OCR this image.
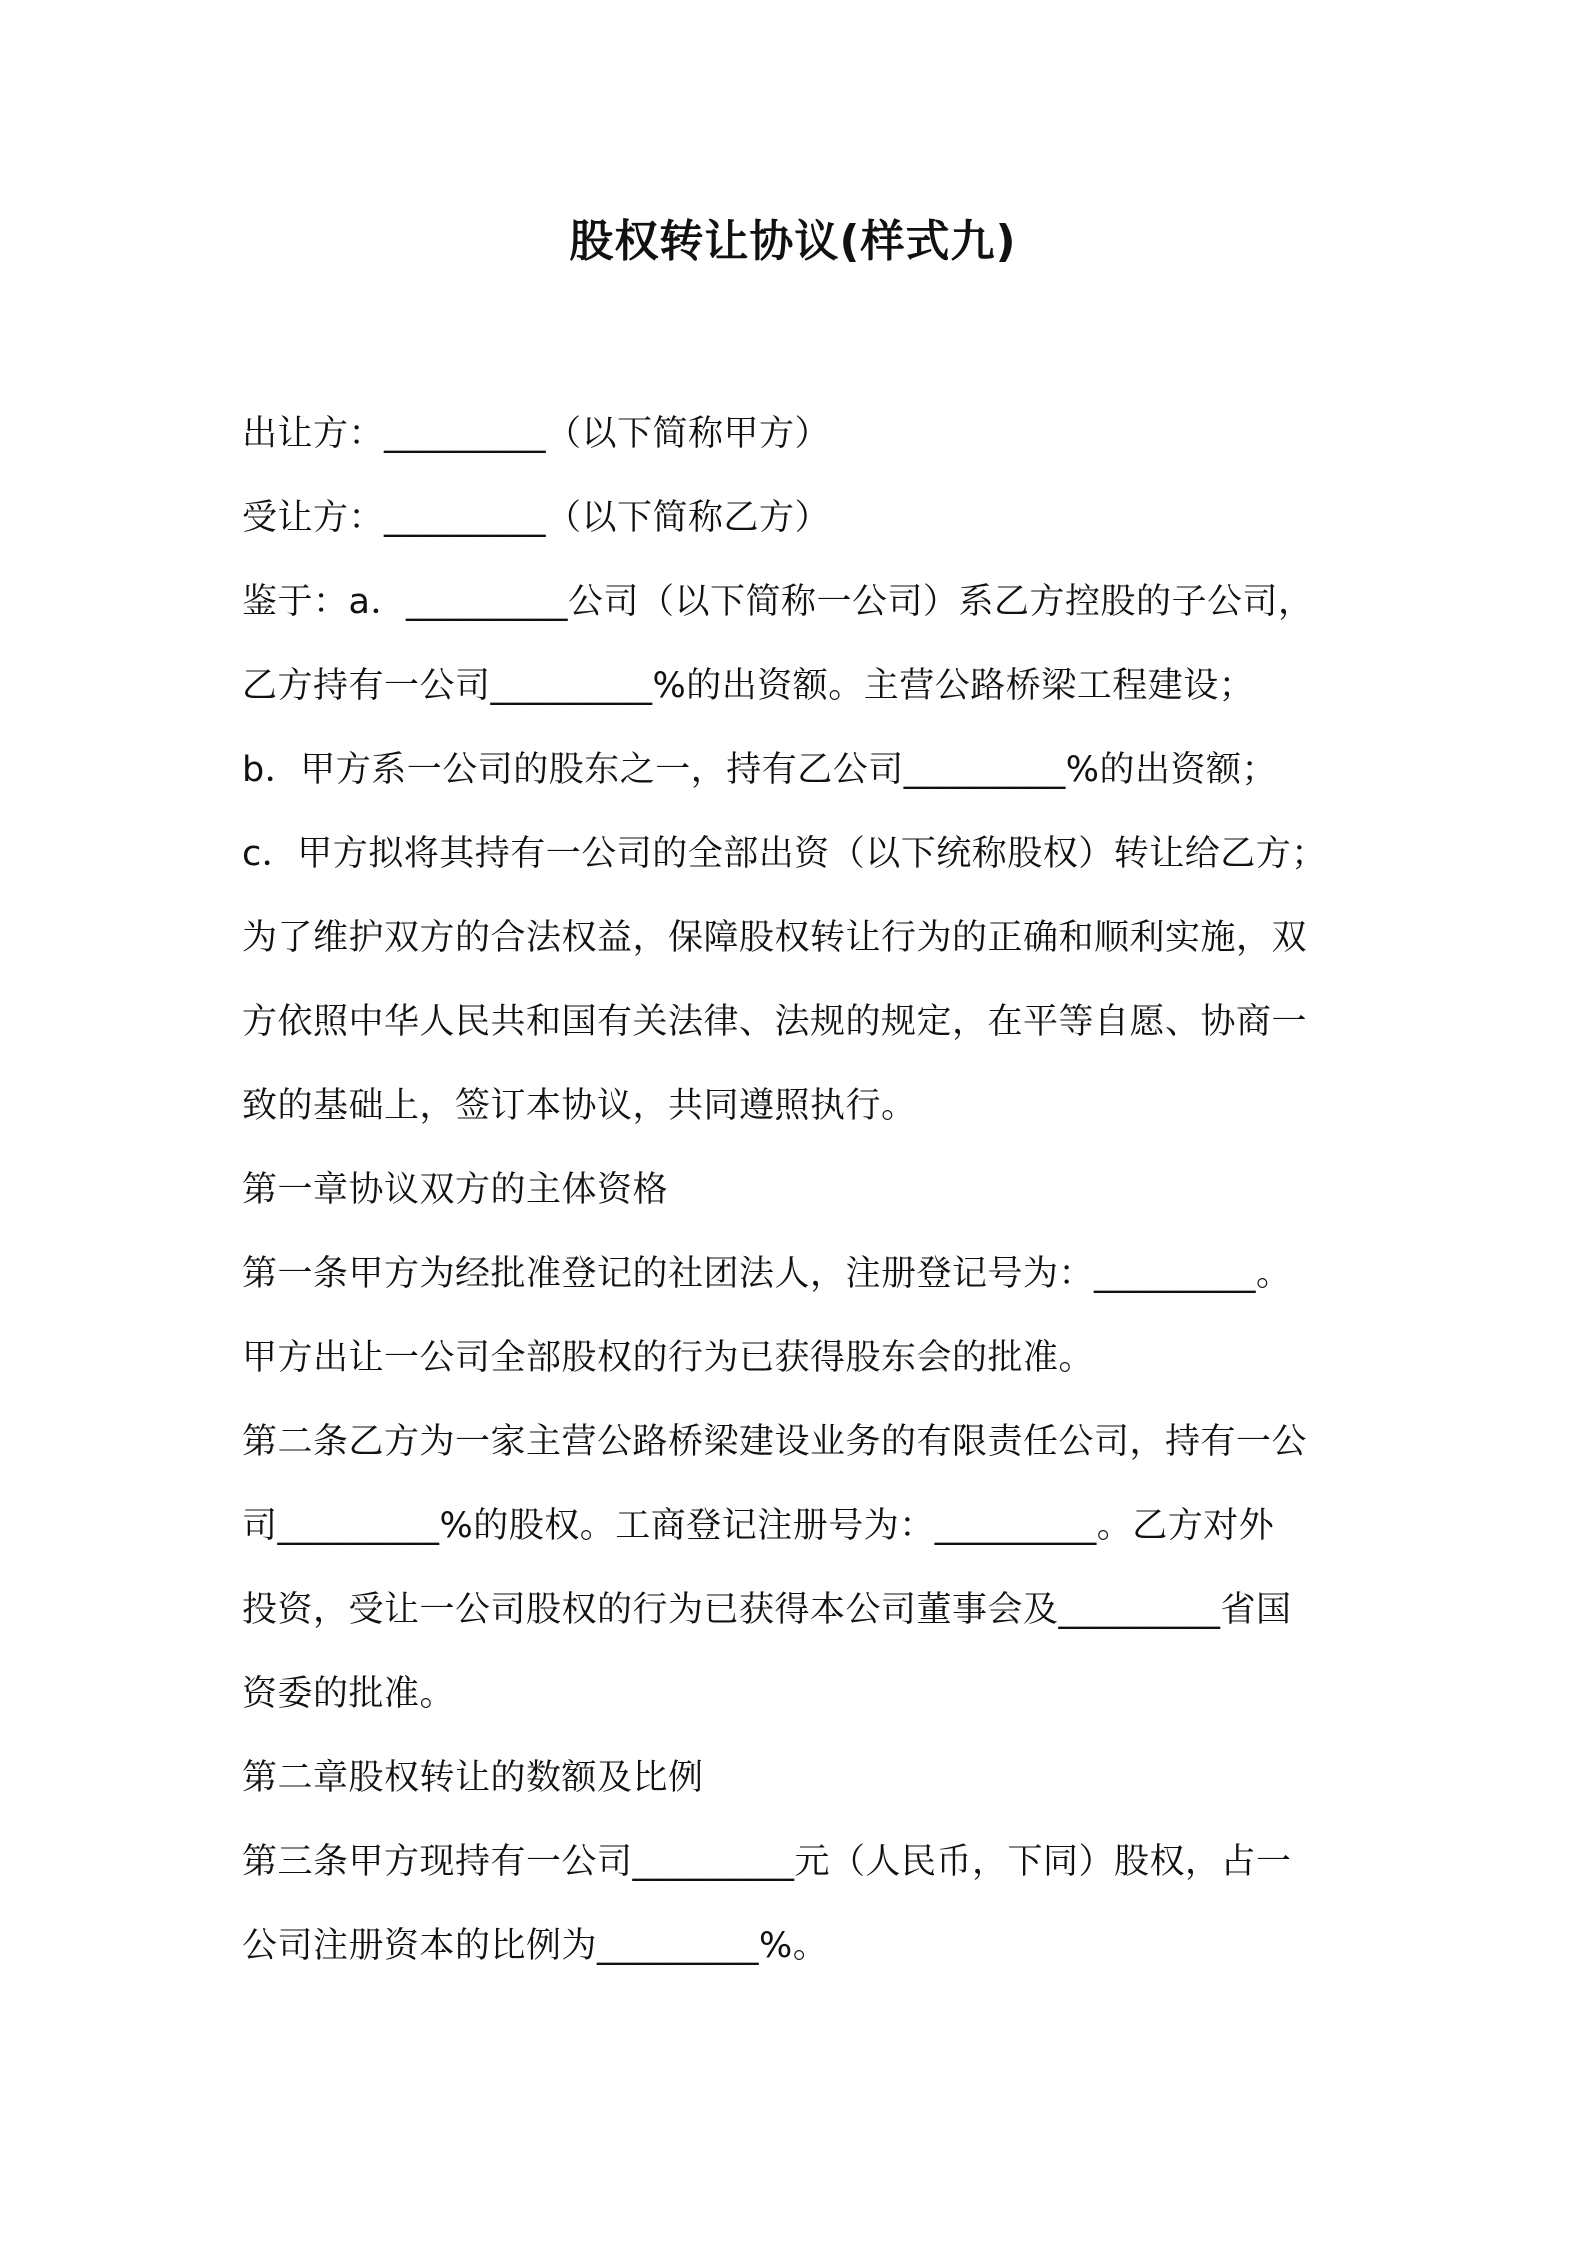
股权转让协议(样式九)
出让方：_________（以下简称甲方）
受让方：_________（以下简称乙方）
鉴于：a．_________公司（以下简称一公司）系乙方控股的子公司，
乙方持有一公司_________%的出资额。主营公路桥梁工程建设；
b．甲方系一公司的股东之一，持有乙公司_________%的出资额；
c．甲方拟将其持有一公司的全部出资（以下统称股权）转让给乙方；
为了维护双方的合法权益，保障股权转让行为的正确和顺利实施，双
方依照中华人民共和国有关法律、法规的规定，在平等自愿、协商一
致的基础上，签订本协议，共同遵照执行。
第一章协议双方的主体资格
第一条甲方为经批准登记的社团法人，注册登记号为：_________。
甲方出让一公司全部股权的行为已获得股东会的批准。
第二条乙方为一家主营公路桥梁建设业务的有限责任公司，持有一公
司_________%的股权。工商登记注册号为：_________。乙方对外
投资，受让一公司股权的行为已获得本公司董事会及_________省国
资委的批准。
第二章股权转让的数额及比例
第三条甲方现持有一公司_________元（人民币，下同）股权，占一
公司注册资本的比例为_________%。
